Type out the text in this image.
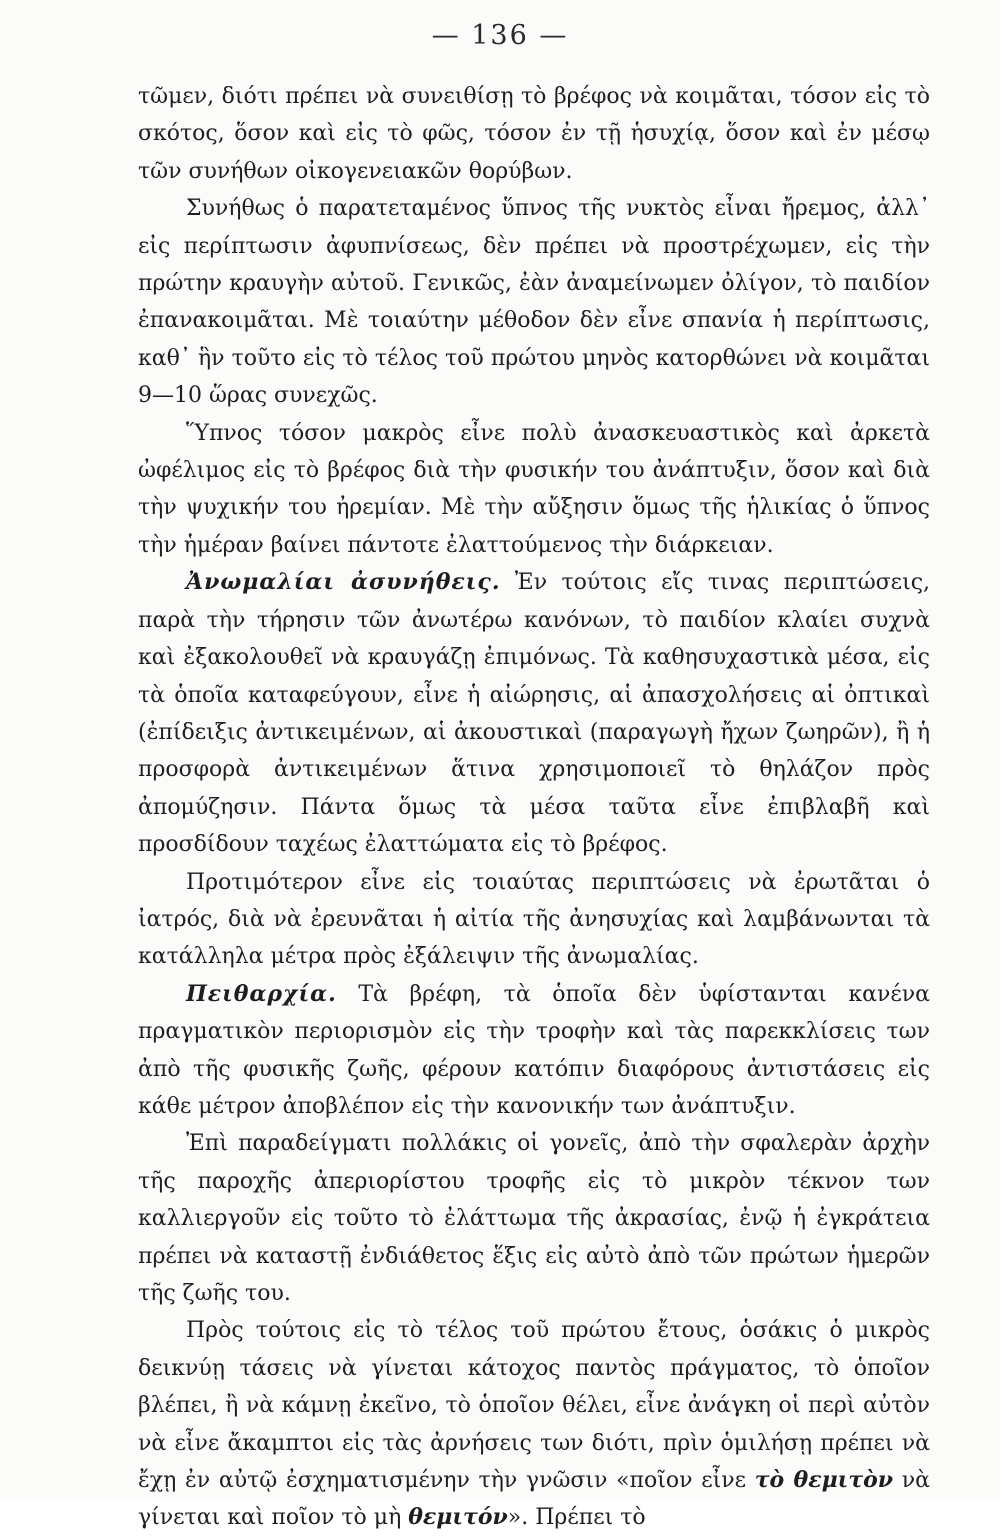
— 136 —

τῶμεν, διότι πρέπει νὰ συνειθίσῃ τὸ βρέφος νὰ κοιμᾶται, τόσον εἰς τὸ σκότος, ὅσον καὶ εἰς τὸ φῶς, τόσον ἐν τῇ ἡσυχίᾳ, ὅσον καὶ ἐν μέσῳ τῶν συνήθων οἰκογενειακῶν θορύβων.

Συνήθως ὁ παρατεταμένος ὕπνος τῆς νυκτὸς εἶναι ἤρεμος, ἀλλ᾽ εἰς περίπτωσιν ἀφυπνίσεως, δὲν πρέπει νὰ προστρέχωμεν, εἰς τὴν πρώτην κραυγὴν αὐτοῦ. Γενικῶς, ἐὰν ἀναμείνωμεν ὀλίγον, τὸ παιδίον ἐπανακοιμᾶται. Μὲ τοιαύτην μέθοδον δὲν εἶνε σπανία ἡ περίπτωσις, καθ᾽ ἣν τοῦτο εἰς τὸ τέλος τοῦ πρώτου μηνὸς κατορθώνει νὰ κοιμᾶται 9—10 ὥρας συνεχῶς.

Ὕπνος τόσον μακρὸς εἶνε πολὺ ἀνασκευαστικὸς καὶ ἀρκετὰ ὠφέλιμος εἰς τὸ βρέφος διὰ τὴν φυσικήν του ἀνάπτυξιν, ὅσον καὶ διὰ τὴν ψυχικήν του ἠρεμίαν. Μὲ τὴν αὔξησιν ὅμως τῆς ἡλικίας ὁ ὕπνος τὴν ἡμέραν βαίνει πάντοτε ἐλαττούμενος τὴν διάρκειαν.

Ἀνωμαλίαι ἀσυνήθεις. Ἐν τούτοις εἴς τινας περιπτώσεις, παρὰ τὴν τήρησιν τῶν ἀνωτέρω κανόνων, τὸ παιδίον κλαίει συχνὰ καὶ ἐξακολουθεῖ νὰ κραυγάζῃ ἐπιμόνως. Τὰ καθησυχαστικὰ μέσα, εἰς τὰ ὁποῖα καταφεύγουν, εἶνε ἡ αἰώρησις, αἱ ἀπασχολήσεις αἱ ὀπτικαὶ (ἐπίδειξις ἀντικειμένων, αἱ ἀκουστικαὶ (παραγωγὴ ἤχων ζωηρῶν), ἢ ἡ προσφορὰ ἀντικειμένων ἅτινα χρησιμοποιεῖ τὸ θηλάζον πρὸς ἀπομύζησιν. Πάντα ὅμως τὰ μέσα ταῦτα εἶνε ἐπιβλαβῆ καὶ προσδίδουν ταχέως ἐλαττώματα εἰς τὸ βρέφος.

Προτιμότερον εἶνε εἰς τοιαύτας περιπτώσεις νὰ ἐρωτᾶται ὁ ἰατρός, διὰ νὰ ἐρευνᾶται ἡ αἰτία τῆς ἀνησυχίας καὶ λαμβάνωνται τὰ κατάλληλα μέτρα πρὸς ἐξάλειψιν τῆς ἀνωμαλίας.

Πειθαρχία. Τὰ βρέφη, τὰ ὁποῖα δὲν ὑφίστανται κανένα πραγματικὸν περιορισμὸν εἰς τὴν τροφὴν καὶ τὰς παρεκκλίσεις των ἀπὸ τῆς φυσικῆς ζωῆς, φέρουν κατόπιν διαφόρους ἀντιστάσεις εἰς κάθε μέτρον ἀποβλέπον εἰς τὴν κανονικήν των ἀνάπτυξιν.

Ἐπὶ παραδείγματι πολλάκις οἱ γονεῖς, ἀπὸ τὴν σφαλερὰν ἀρχὴν τῆς παροχῆς ἀπεριορίστου τροφῆς εἰς τὸ μικρὸν τέκνον των καλλιεργοῦν εἰς τοῦτο τὸ ἐλάττωμα τῆς ἀκρασίας, ἐνῷ ἡ ἐγκράτεια πρέπει νὰ καταστῇ ἐνδιάθετος ἕξις εἰς αὐτὸ ἀπὸ τῶν πρώτων ἡμερῶν τῆς ζωῆς του.

Πρὸς τούτοις εἰς τὸ τέλος τοῦ πρώτου ἔτους, ὁσάκις ὁ μικρὸς δεικνύῃ τάσεις νὰ γίνεται κάτοχος παντὸς πράγματος, τὸ ὁποῖον βλέπει, ἢ νὰ κάμνῃ ἐκεῖνο, τὸ ὁποῖον θέλει, εἶνε ἀνάγκη οἱ περὶ αὐτὸν νὰ εἶνε ἄκαμπτοι εἰς τὰς ἀρνήσεις των διότι, πρὶν ὁμιλήσῃ πρέπει νὰ ἔχῃ ἐν αὐτῷ ἐσχηματισμένην τὴν γνῶσιν «ποῖον εἶνε τὸ θεμιτὸν νὰ γίνεται καὶ ποῖον τὸ μὴ θεμιτόν». Πρέπει τὸ
